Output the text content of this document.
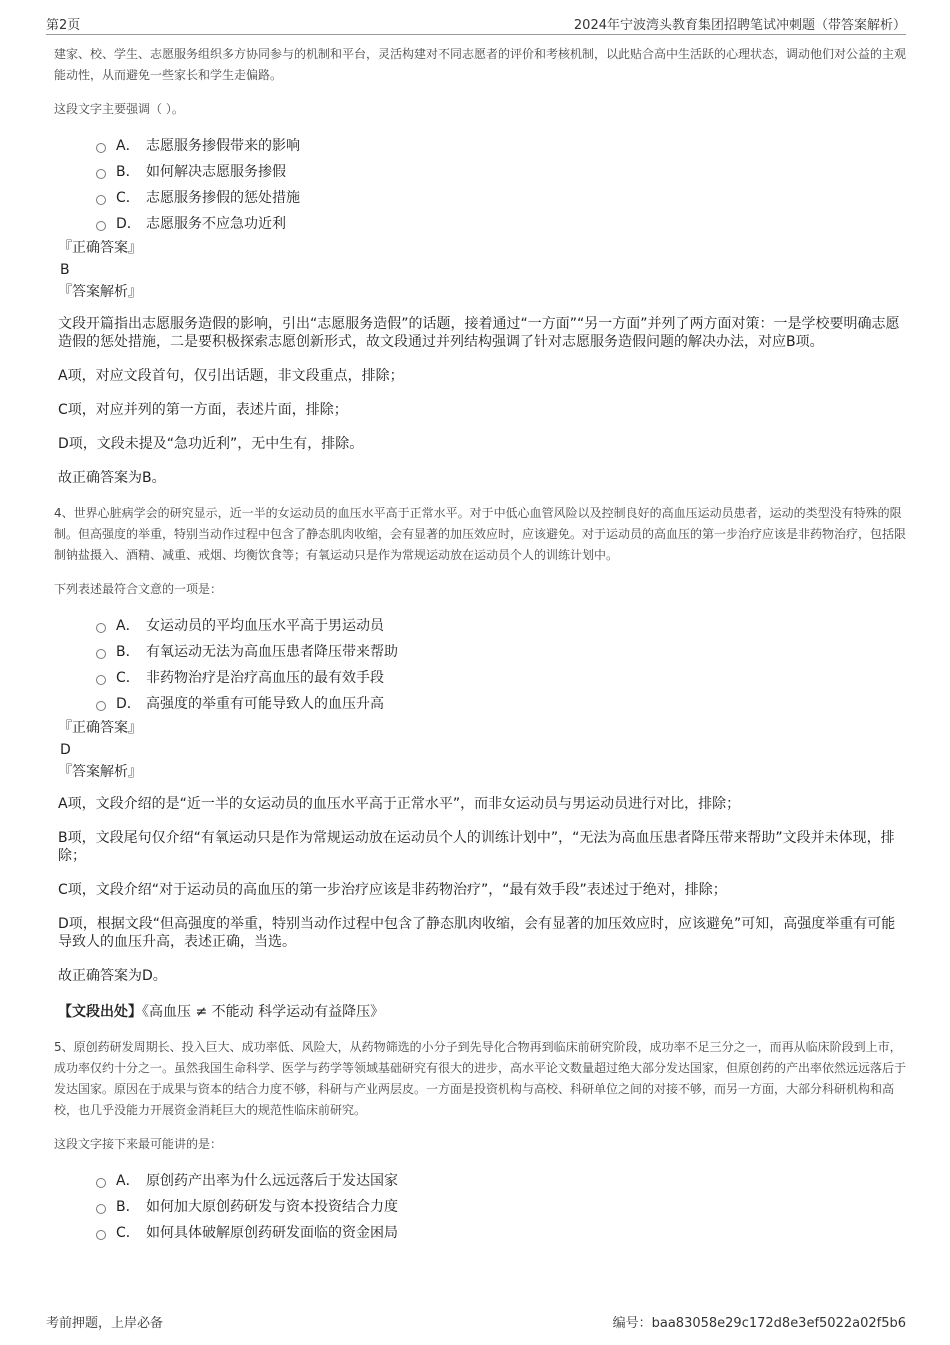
第2页	2024年宁波湾头教育集团招聘笔试冲刺题（带答案解析）

建家、校、学生、志愿服务组织多方协同参与的机制和平台，灵活构建对不同志愿者的评价和考核机制，以此贴合高中生活跃的心理状态，调动他们对公益的主观能动性，从而避免一些家长和学生走偏路。

这段文字主要强调（ ）。

A． 志愿服务掺假带来的影响
B． 如何解决志愿服务掺假
C． 志愿服务掺假的惩处措施
D． 志愿服务不应急功近利

『正确答案』

B

『答案解析』

文段开篇指出志愿服务造假的影响，引出“志愿服务造假”的话题，接着通过“一方面”“另一方面”并列了两方面对策：一是学校要明确志愿造假的惩处措施，二是要积极探索志愿创新形式，故文段通过并列结构强调了针对志愿服务造假问题的解决办法，对应B项。

A项，对应文段首句，仅引出话题，非文段重点，排除；

C项，对应并列的第一方面，表述片面，排除；

D项，文段未提及“急功近利”，无中生有，排除。

故正确答案为B。

4、世界心脏病学会的研究显示，近一半的女运动员的血压水平高于正常水平。对于中低心血管风险以及控制良好的高血压运动员患者，运动的类型没有特殊的限制。但高强度的举重，特别当动作过程中包含了静态肌肉收缩，会有显著的加压效应时，应该避免。对于运动员的高血压的第一步治疗应该是非药物治疗，包括限制钠盐摄入、酒精、减重、戒烟、均衡饮食等；有氧运动只是作为常规运动放在运动员个人的训练计划中。

下列表述最符合文意的一项是：

A． 女运动员的平均血压水平高于男运动员
B． 有氧运动无法为高血压患者降压带来帮助
C． 非药物治疗是治疗高血压的最有效手段
D． 高强度的举重有可能导致人的血压升高

『正确答案』

D

『答案解析』

A项，文段介绍的是“近一半的女运动员的血压水平高于正常水平”，而非女运动员与男运动员进行对比，排除；

B项，文段尾句仅介绍“有氧运动只是作为常规运动放在运动员个人的训练计划中”，“无法为高血压患者降压带来帮助”文段并未体现，排除；

C项，文段介绍“对于运动员的高血压的第一步治疗应该是非药物治疗”，“最有效手段”表述过于绝对，排除；

D项，根据文段“但高强度的举重，特别当动作过程中包含了静态肌肉收缩，会有显著的加压效应时，应该避免”可知，高强度举重有可能导致人的血压升高，表述正确，当选。

故正确答案为D。

【文段出处】《高血压 ≠ 不能动 科学运动有益降压》

5、原创药研发周期长、投入巨大、成功率低、风险大，从药物筛选的小分子到先导化合物再到临床前研究阶段，成功率不足三分之一，而再从临床阶段到上市，成功率仅约十分之一。虽然我国生命科学、医学与药学等领域基础研究有很大的进步，高水平论文数量超过绝大部分发达国家，但原创药的产出率依然远远落后于发达国家。原因在于成果与资本的结合力度不够，科研与产业两层皮。一方面是投资机构与高校、科研单位之间的对接不够，而另一方面，大部分科研机构和高校，也几乎没能力开展资金消耗巨大的规范性临床前研究。

这段文字接下来最可能讲的是：

A． 原创药产出率为什么远远落后于发达国家
B． 如何加大原创药研发与资本投资结合力度
C． 如何具体破解原创药研发面临的资金困局
考前押题，上岸必备	编号：baa83058e29c172d8e3ef5022a02f5b6
